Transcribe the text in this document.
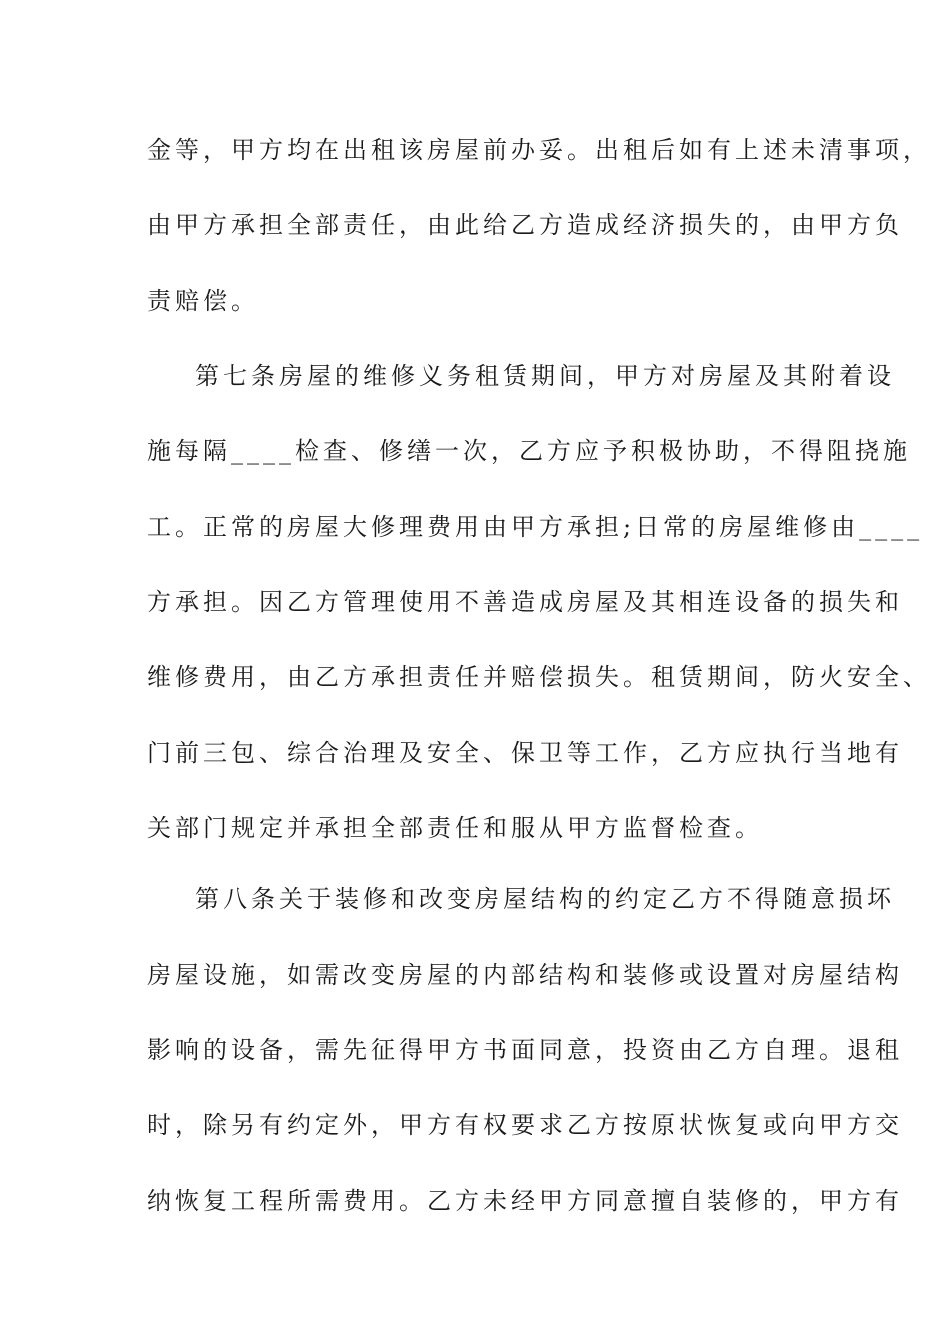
金等，甲方均在出租该房屋前办妥。出租后如有上述未清事项，
由甲方承担全部责任，由此给乙方造成经济损失的，由甲方负
责赔偿。
第七条房屋的维修义务租赁期间，甲方对房屋及其附着设
施每隔____检查、修缮一次，乙方应予积极协助，不得阻挠施
工。正常的房屋大修理费用由甲方承担;日常的房屋维修由____
方承担。因乙方管理使用不善造成房屋及其相连设备的损失和
维修费用，由乙方承担责任并赔偿损失。租赁期间，防火安全、
门前三包、综合治理及安全、保卫等工作，乙方应执行当地有
关部门规定并承担全部责任和服从甲方监督检查。
第八条关于装修和改变房屋结构的约定乙方不得随意损坏
房屋设施，如需改变房屋的内部结构和装修或设置对房屋结构
影响的设备，需先征得甲方书面同意，投资由乙方自理。退租
时，除另有约定外，甲方有权要求乙方按原状恢复或向甲方交
纳恢复工程所需费用。乙方未经甲方同意擅自装修的，甲方有
